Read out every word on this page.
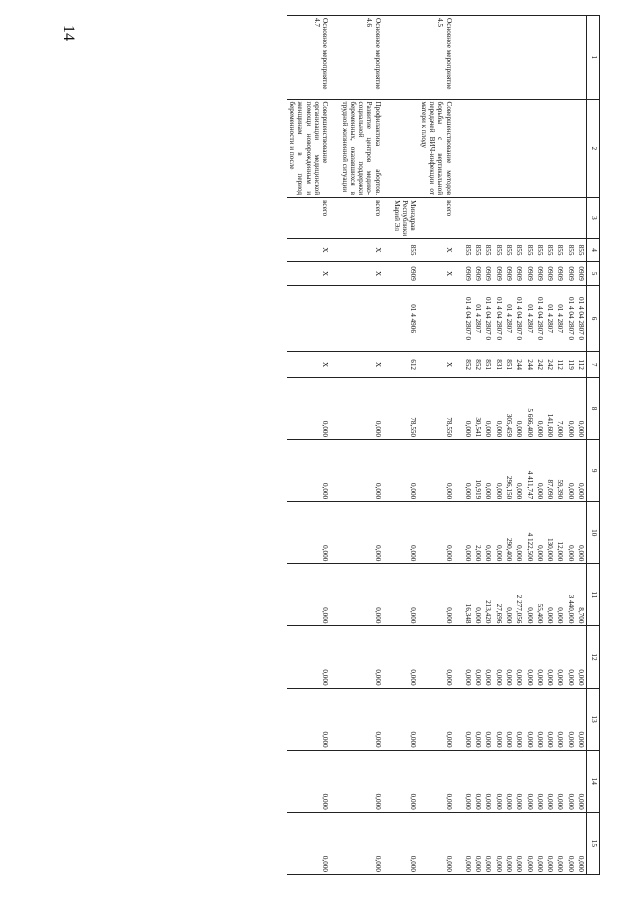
14
1	2	3	4	5	6	7	8	9	10	11	12	13	14	15
			855	0909	01 4 04 2807 0	112	0,000	0,000	0,000	8,700	0,000	0,000	0,000	0,000
			855	0909	01 4 04 2807 0	119	0,000	0,000	0,000	3 440,000	0,000	0,000	0,000	0,000
			855	0909	01 4 2807	112	7,000	59,390	12,000	0,000	0,000	0,000	0,000	0,000
			855	0909	01 4 2807	242	141,600	87,090	130,000	0,000	0,000	0,000	0,000	0,000
			855	0909	01 4 04 2807 0	242	0,000	0,000	0,000	55,400	0,000	0,000	0,000	0,000
			855	0909	01 4 2807	244	5 666,400	4 411,747	4 122,500	0,000	0,000	0,000	0,000	0,000
			855	0909	01 4 04 2807 0	244	0,000	0,000	0,000	2 277,056	0,000	0,000	0,000	0,000
			855	0909	01 4 2807	851	305,459	296,150	290,400	0,000	0,000	0,000	0,000	0,000
			855	0909	01 4 04 2807 0	831	0,000	0,000	0,000	27,696	0,000	0,000	0,000	0,000
			855	0909	01 4 04 2807 0	851	0,000	0,000	0,000	213,420	0,000	0,000	0,000	0,000
			855	0909	01 4 2807	852	30,541	10,919	2,000	0,000	0,000	0,000	0,000	0,000
			855	0909	01 4 04 2807 0	852	0,000	0,000	0,000	16,348	0,000	0,000	0,000	0,000

Основное мероприятие 4.5	Совершенствование методов борьбы с вертикальной передачей ВИЧ-инфекции от матери к плоду	всего	X	X		X	78,550	0,000	0,000	0,000	0,000	0,000	0,000	0,000
		Минздрав Республики Марий Эл	855	0909	01 4 4906	612	78,550	0,000	0,000	0,000	0,000	0,000	0,000	0,000

Основное мероприятие 4.6	Профилактика абортов. Развитие центров медико-социальной поддержки беременных, оказавшихся в трудной жизненной ситуации	всего	X	X		X	0,000	0,000	0,000	0,000	0,000	0,000	0,000	0,000

Основное мероприятие 4.7	Совершенствование организации медицинской помощи новорожденным и женщинам в период беременности и после	всего	X	X		X	0,000	0,000	0,000	0,000	0,000	0,000	0,000	0,000
